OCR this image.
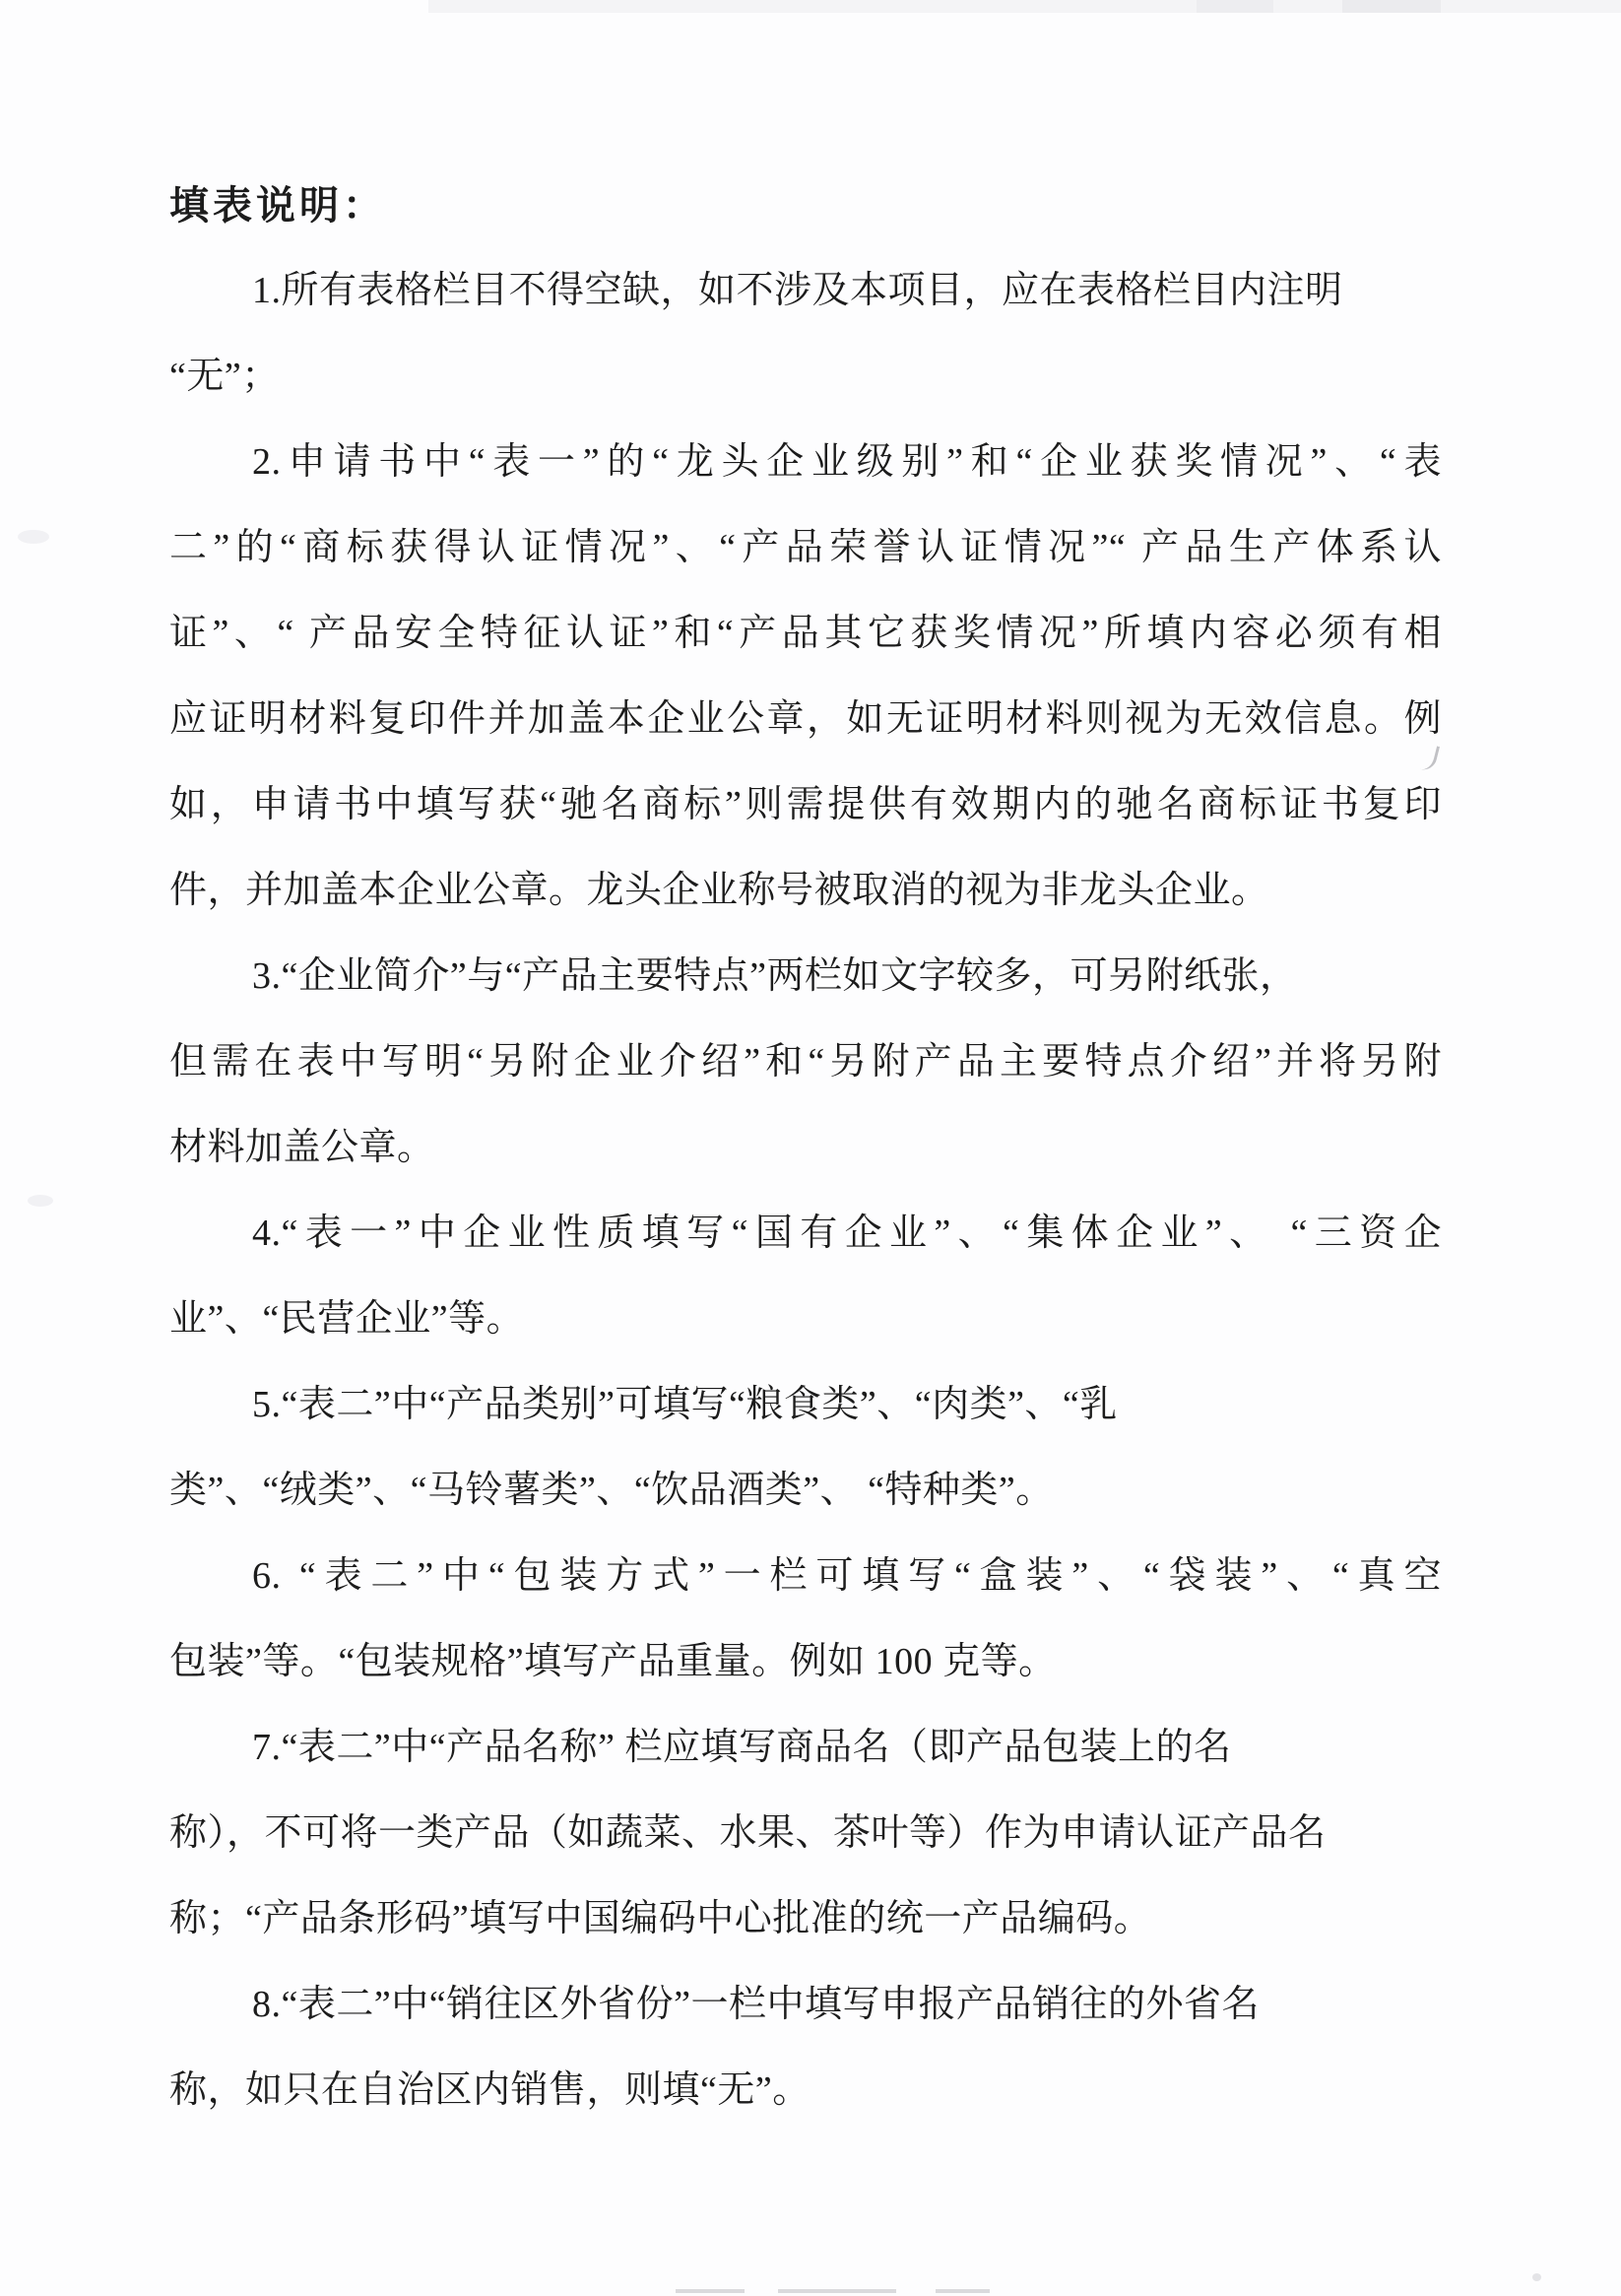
填表说明：
1.所有表格栏目不得空缺，如不涉及本项目，应在表格栏目内注明
“无”；
2.申请书中“表一”的“龙头企业级别”和“企业获奖情况”、“表
二”的“商标获得认证情况”、“产品荣誉认证情况”“ 产品生产体系认
证”、“ 产品安全特征认证”和“产品其它获奖情况”所填内容必须有相
应证明材料复印件并加盖本企业公章，如无证明材料则视为无效信息。例
如，申请书中填写获“驰名商标”则需提供有效期内的驰名商标证书复印
件，并加盖本企业公章。龙头企业称号被取消的视为非龙头企业。
3.“企业简介”与“产品主要特点”两栏如文字较多，可另附纸张，
但需在表中写明“另附企业介绍”和“另附产品主要特点介绍”并将另附
材料加盖公章。
4.“表一”中企业性质填写“国有企业”、“集体企业”、 “三资企
业”、“民营企业”等。
5.“表二”中“产品类别”可填写“粮食类”、“肉类”、“乳
类”、“绒类”、“马铃薯类”、“饮品酒类”、 “特种类”。
6. “表二”中“包装方式”一栏可填写“盒装”、“袋装”、“真空
包装”等。“包装规格”填写产品重量。例如 100 克等。
7.“表二”中“产品名称” 栏应填写商品名（即产品包装上的名
称），不可将一类产品（如蔬菜、水果、茶叶等）作为申请认证产品名
称；“产品条形码”填写中国编码中心批准的统一产品编码。
8.“表二”中“销往区外省份”一栏中填写申报产品销往的外省名
称，如只在自治区内销售，则填“无”。
